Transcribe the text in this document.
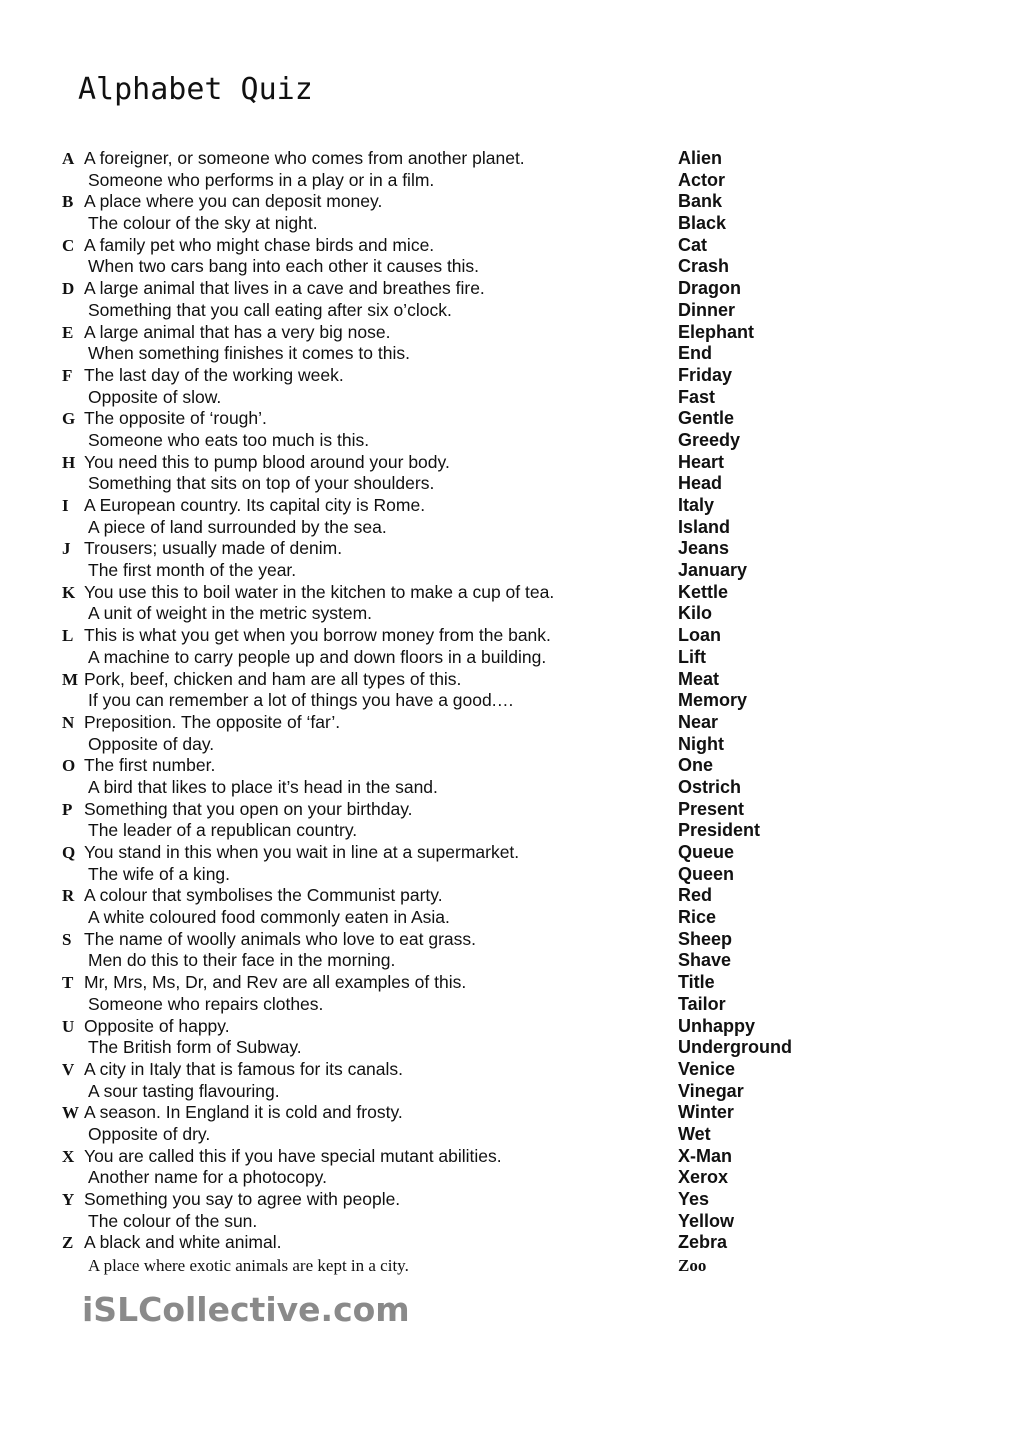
Alphabet Quiz
A A foreigner, or someone who comes from another planet.	Alien
Someone who performs in a play or in a film.	Actor
B A place where you can deposit money.	Bank
The colour of the sky at night.	Black
C A family pet who might chase birds and mice.	Cat
When two cars bang into each other it causes this.	Crash
D A large animal that lives in a cave and breathes fire.	Dragon
Something that you call eating after six o’clock.	Dinner
E A large animal that has a very big nose.	Elephant
When something finishes it comes to this.	End
F The last day of the working week.	Friday
Opposite of slow.	Fast
G The opposite of ‘rough’.	Gentle
Someone who eats too much is this.	Greedy
H You need this to pump blood around your body.	Heart
Something that sits on top of your shoulders.	Head
I A European country. Its capital city is Rome.	Italy
A piece of land surrounded by the sea.	Island
J Trousers; usually made of denim.	Jeans
The first month of the year.	January
K You use this to boil water in the kitchen to make a cup of tea.	Kettle
A unit of weight in the metric system.	Kilo
L This is what you get when you borrow money from the bank.	Loan
A machine to carry people up and down floors in a building.	Lift
M Pork, beef, chicken and ham are all types of this.	Meat
If you can remember a lot of things you have a good.…	Memory
N Preposition. The opposite of ‘far’.	Near
Opposite of day.	Night
O The first number.	One
A bird that likes to place it’s head in the sand.	Ostrich
P Something that you open on your birthday.	Present
The leader of a republican country.	President
Q You stand in this when you wait in line at a supermarket.	Queue
The wife of a king.	Queen
R A colour that symbolises the Communist party.	Red
A white coloured food commonly eaten in Asia.	Rice
S The name of woolly animals who love to eat grass.	Sheep
Men do this to their face in the morning.	Shave
T Mr, Mrs, Ms, Dr, and Rev are all examples of this.	Title
Someone who repairs clothes.	Tailor
U Opposite of happy.	Unhappy
The British form of Subway.	Underground
V A city in Italy that is famous for its canals.	Venice
A sour tasting flavouring.	Vinegar
W A season. In England it is cold and frosty.	Winter
Opposite of dry.	Wet
X You are called this if you have special mutant abilities.	X-Man
Another name for a photocopy.	Xerox
Y Something you say to agree with people.	Yes
The colour of the sun.	Yellow
Z A black and white animal.	Zebra
A place where exotic animals are kept in a city.	Zoo
iSLCollective.com
